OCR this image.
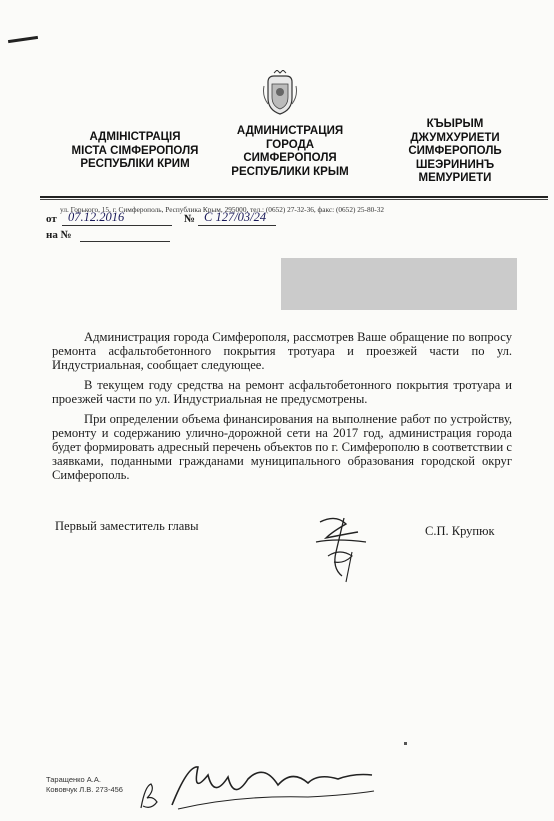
АДМІНІСТРАЦІЯ
МІСТА СІМФЕРОПОЛЯ
РЕСПУБЛІКИ КРИМ
АДМИНИСТРАЦИЯ
ГОРОДА
СИМФЕРОПОЛЯ
РЕСПУБЛИКИ КРЫМ
КЪЫРЫМ
ДЖУМХУРИЕТИ
СИМФЕРОПОЛЬ
ШЕЭРИНИНЪ
МЕМУРИЕТИ
ул. Горького, 15, г. Симферополь, Республика Крым, 295000, тел.: (0652) 27-32-36, факс: (0652) 25-80-32
от 07.12.2016	№ С 127/03/24
на №

Администрация города Симферополя, рассмотрев Ваше обращение по вопросу ремонта асфальтобетонного покрытия тротуара и проезжей части по ул. Индустриальная, сообщает следующее.

В текущем году средства на ремонт асфальтобетонного покрытия тротуара и проезжей части по ул. Индустриальная не предусмотрены.

При определении объема финансирования на выполнение работ по устройству, ремонту и содержанию улично-дорожной сети на 2017 год, администрация города будет формировать адресный перечень объектов по г. Симферополю в соответствии с заявками, поданными гражданами муниципального образования городской округ Симферополь.

Первый заместитель главы	С.П. Крупюк
Таращенко А.А.
Кововчук Л.В. 273-456
